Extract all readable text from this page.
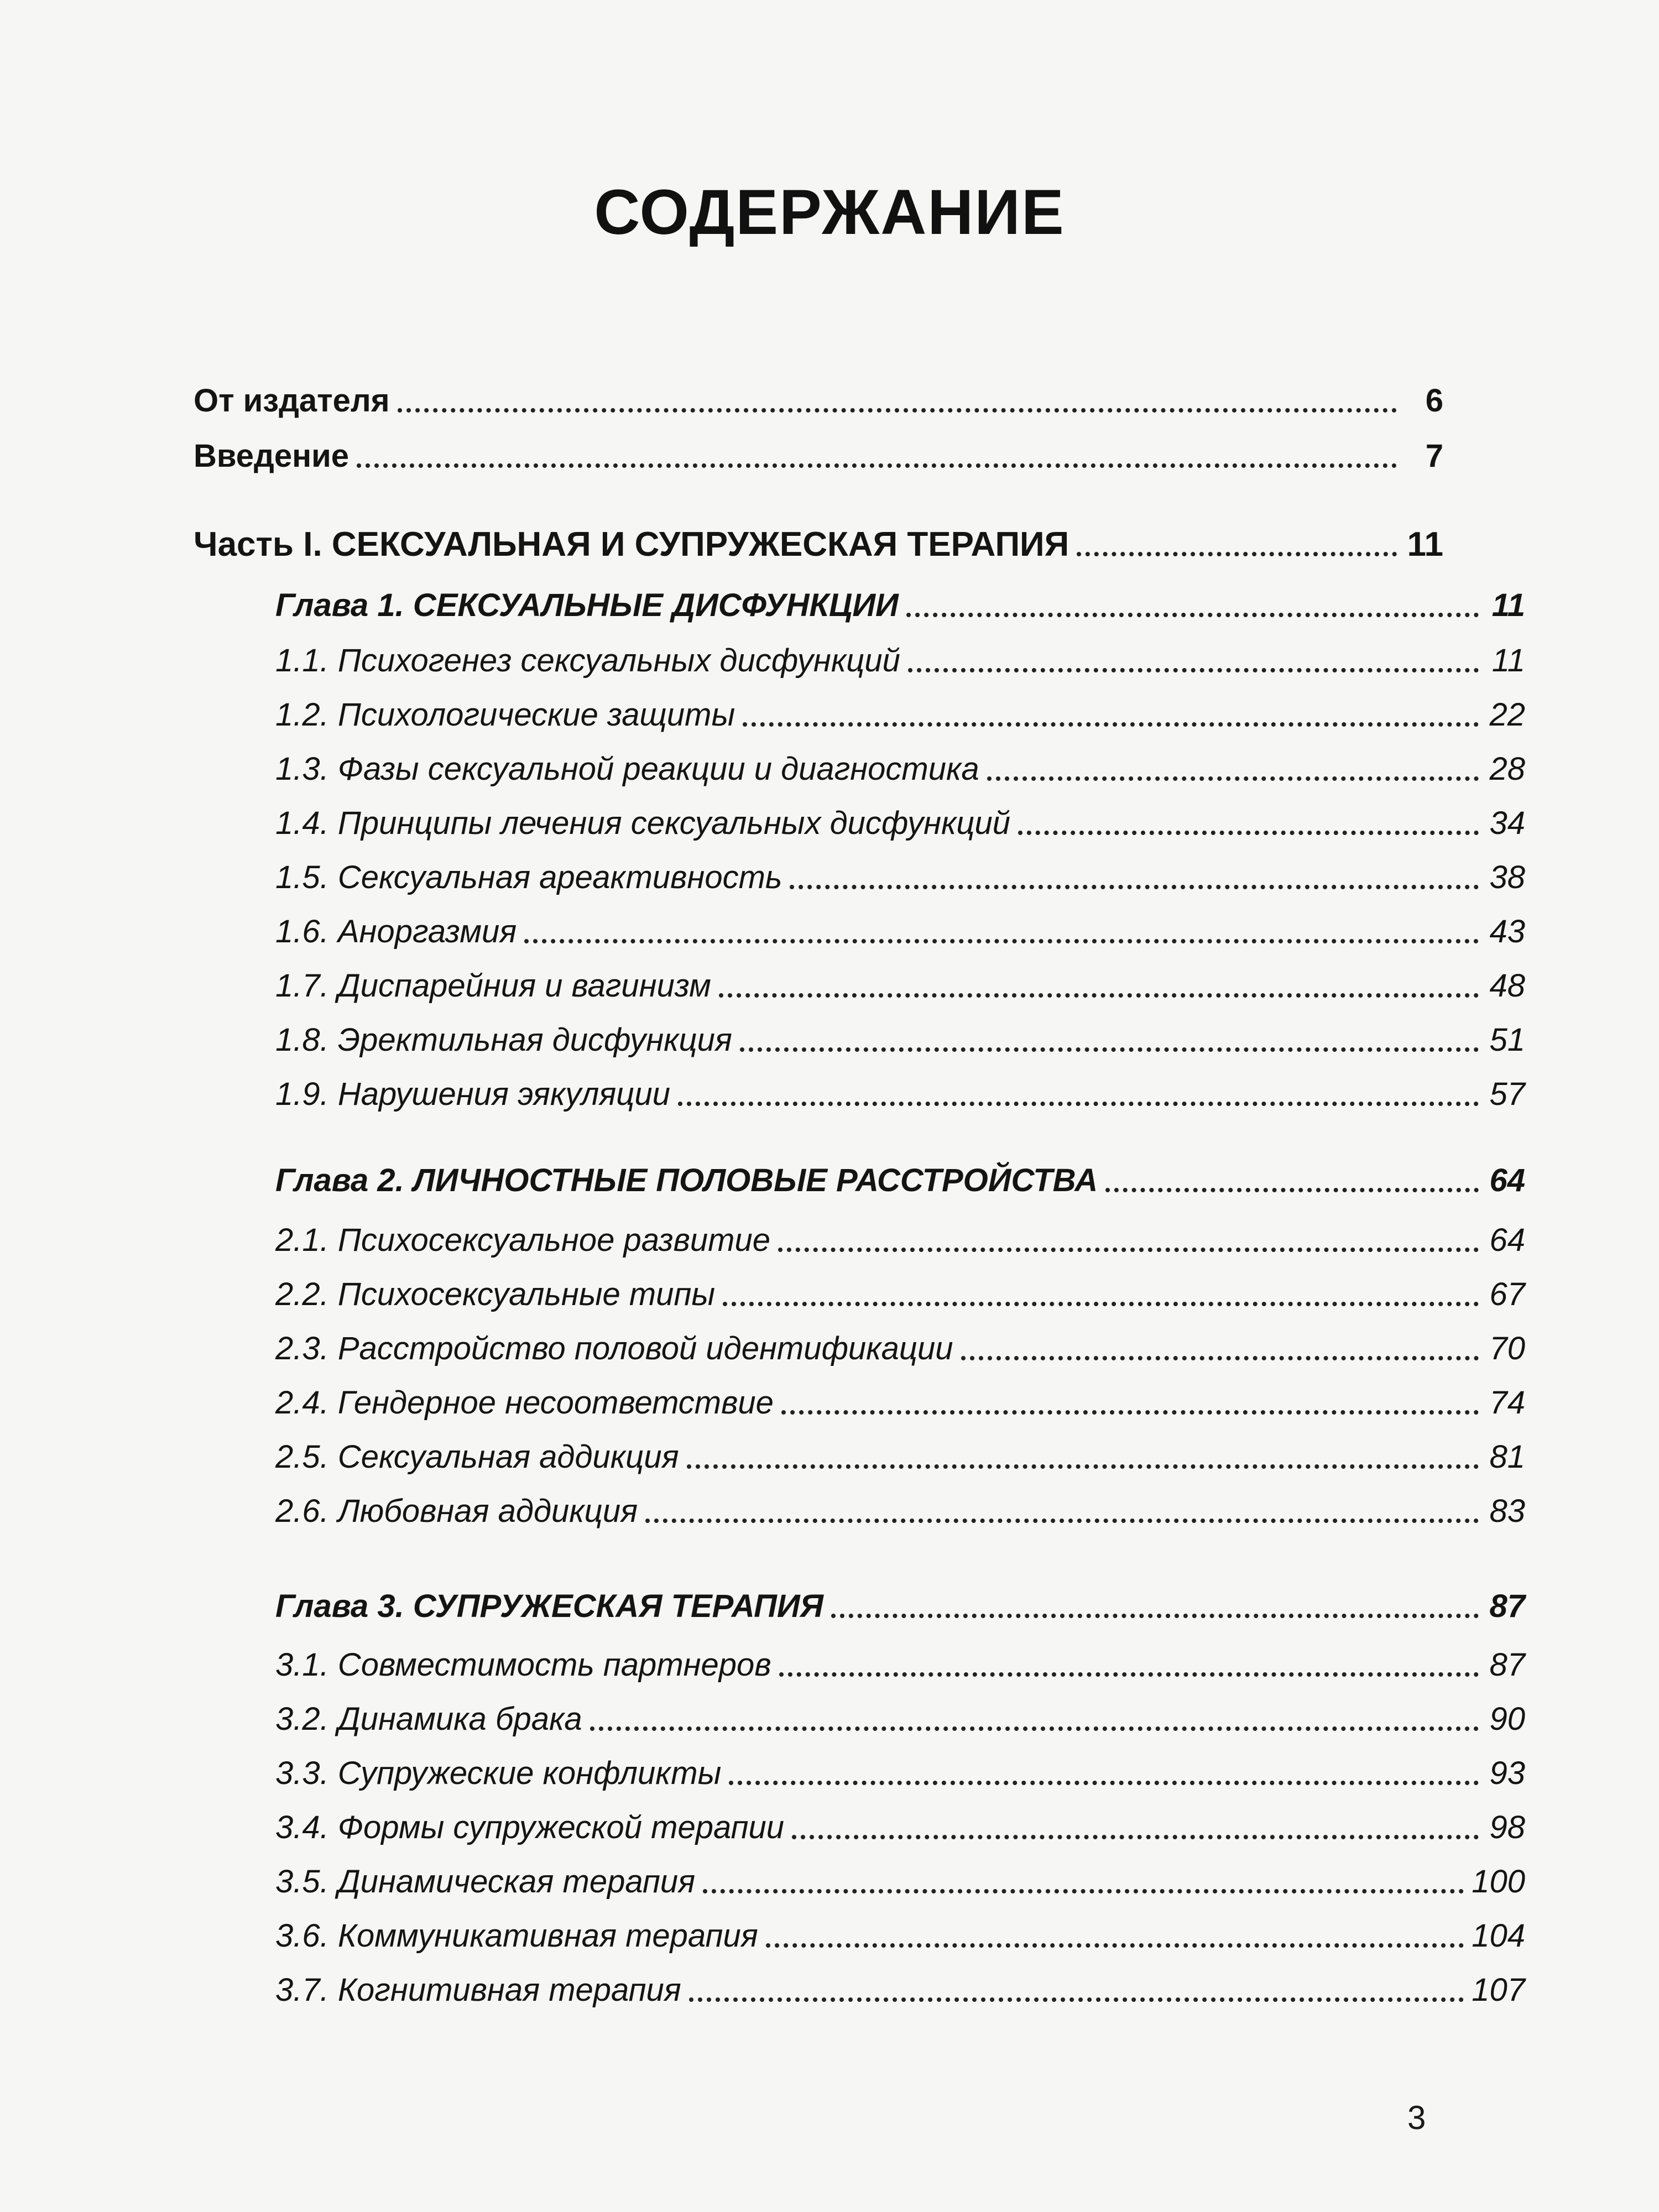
СОДЕРЖАНИЕ
От издателя	6
Введение	7
Часть I. СЕКСУАЛЬНАЯ И СУПРУЖЕСКАЯ ТЕРАПИЯ	11
Глава 1. СЕКСУАЛЬНЫЕ ДИСФУНКЦИИ	11
1.1. Психогенез сексуальных дисфункций	11
1.2. Психологические защиты	22
1.3. Фазы сексуальной реакции и диагностика	28
1.4. Принципы лечения сексуальных дисфункций	34
1.5. Сексуальная ареактивность	38
1.6. Аноргазмия	43
1.7. Диспарейния и вагинизм	48
1.8. Эректильная дисфункция	51
1.9. Нарушения эякуляции	57
Глава 2. ЛИЧНОСТНЫЕ ПОЛОВЫЕ РАССТРОЙСТВА	64
2.1. Психосексуальное развитие	64
2.2. Психосексуальные типы	67
2.3. Расстройство половой идентификации	70
2.4. Гендерное несоответствие	74
2.5. Сексуальная аддикция	81
2.6. Любовная аддикция	83
Глава 3. СУПРУЖЕСКАЯ ТЕРАПИЯ	87
3.1. Совместимость партнеров	87
3.2. Динамика брака	90
3.3. Супружеские конфликты	93
3.4. Формы супружеской терапии	98
3.5. Динамическая терапия	100
3.6. Коммуникативная терапия	104
3.7. Когнитивная терапия	107
3
